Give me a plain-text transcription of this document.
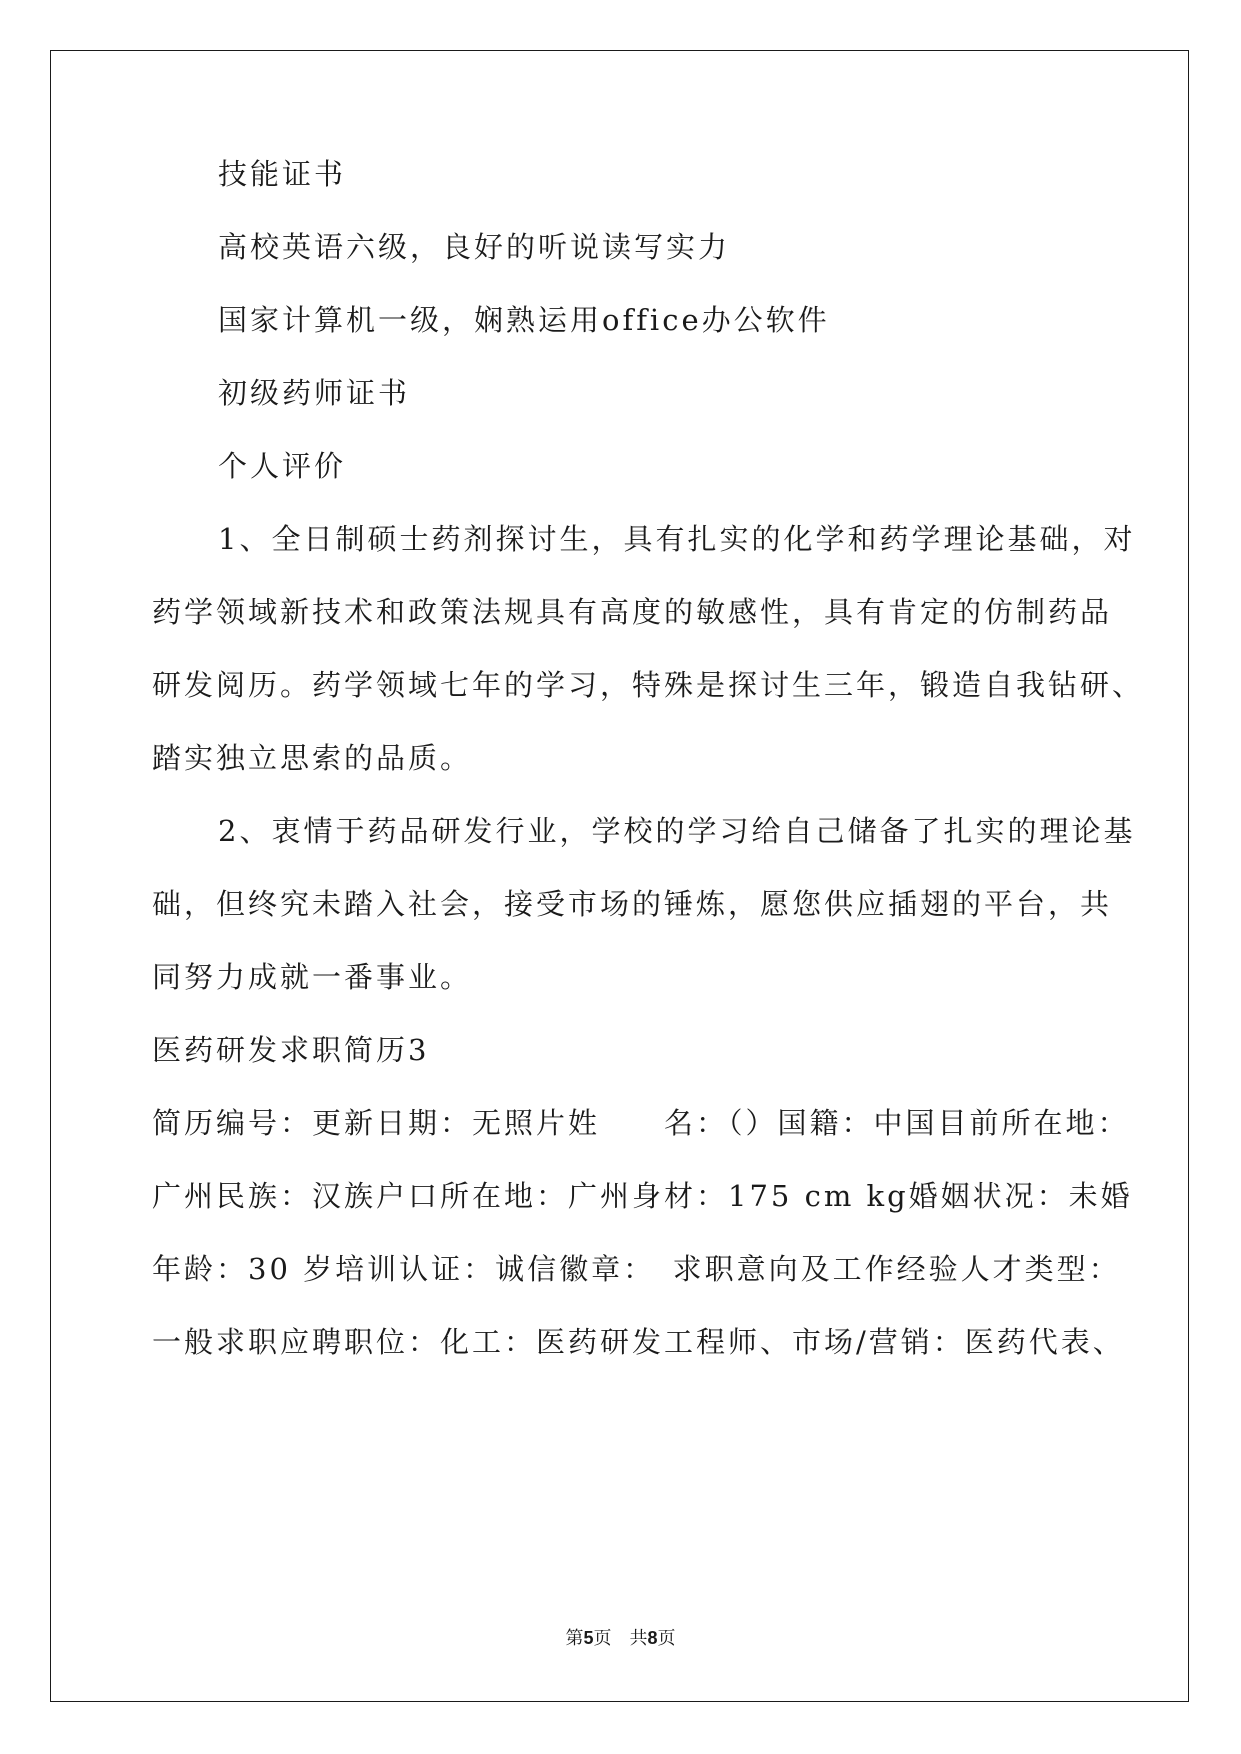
技能证书
高校英语六级，良好的听说读写实力
国家计算机一级，娴熟运用office办公软件
初级药师证书
个人评价
1、全日制硕士药剂探讨生，具有扎实的化学和药学理论基础，对
药学领域新技术和政策法规具有高度的敏感性，具有肯定的仿制药品
研发阅历。药学领域七年的学习，特殊是探讨生三年，锻造自我钻研、
踏实独立思索的品质。
2、衷情于药品研发行业，学校的学习给自己储备了扎实的理论基
础，但终究未踏入社会，接受市场的锤炼，愿您供应插翅的平台，共
同努力成就一番事业。
医药研发求职简历3
简历编号：更新日期：无照片姓　　名：（）国籍：中国目前所在地：
广州民族：汉族户口所在地：广州身材：175 cm kg婚姻状况：未婚
年龄：30 岁培训认证：诚信徽章：　求职意向及工作经验人才类型：
一般求职应聘职位：化工：医药研发工程师、市场/营销：医药代表、
第5页　共8页
